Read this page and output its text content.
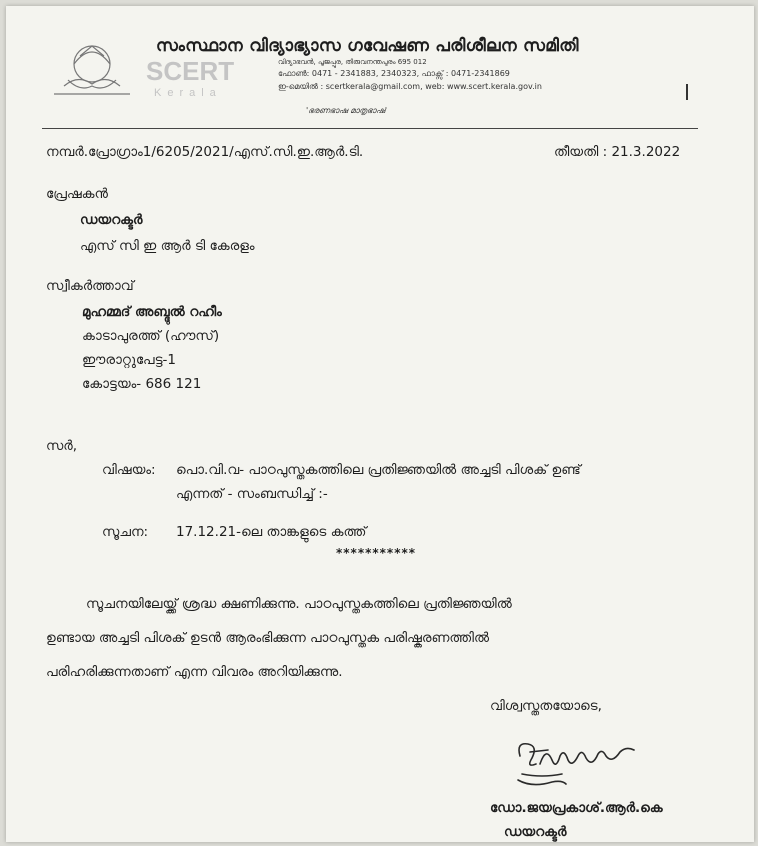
SCERT
Kerala
സംസ്ഥാന വിദ്യാഭ്യാസ ഗവേഷണ പരിശീലന സമിതി
വിദ്യാഭവൻ, പൂജപ്പുര, തിരുവനന്തപുരം 695 012
ഫോൺ: 0471 - 2341883, 2340323, ഫാക്സ് : 0471-2341869
ഇ-മെയിൽ : scertkerala@gmail.com, web: www.scert.kerala.gov.in
'ഭരണഭാഷ മാതൃഭാഷ'
നമ്പർ.പ്രോഗ്രാം1/6205/2021/എസ്.സി.ഇ.ആർ.ടി.	തീയതി : 21.3.2022
പ്രേഷകൻ
ഡയറക്ടർ
എസ് സി ഇ ആർ ടി കേരളം
സ്വീകർത്താവ്
മുഹമ്മദ് അബ്ദുൽ റഹീം
കാടാപുരത്ത് (ഹൗസ്)
ഈരാറ്റുപേട്ട-1
കോട്ടയം- 686 121
സർ,
വിഷയം: പൊ.വി.വ- പാഠപുസ്തകത്തിലെ പ്രതിജ്ഞയിൽ അച്ചടി പിശക് ഉണ്ട്
എന്നത് - സംബന്ധിച്ച് :-
സൂചന: 17.12.21-ലെ താങ്കളുടെ കത്ത്
***********
സൂചനയിലേയ്ക്ക് ശ്രദ്ധ ക്ഷണിക്കുന്നു. പാഠപുസ്തകത്തിലെ പ്രതിജ്ഞയിൽ
ഉണ്ടായ അച്ചടി പിശക് ഉടൻ ആരംഭിക്കുന്ന പാഠപുസ്തക പരിഷ്കരണത്തിൽ
പരിഹരിക്കുന്നതാണ് എന്ന വിവരം അറിയിക്കുന്നു.
വിശ്വസ്തതയോടെ,
ഡോ.ജയപ്രകാശ്.ആർ.കെ
ഡയറക്ടർ
